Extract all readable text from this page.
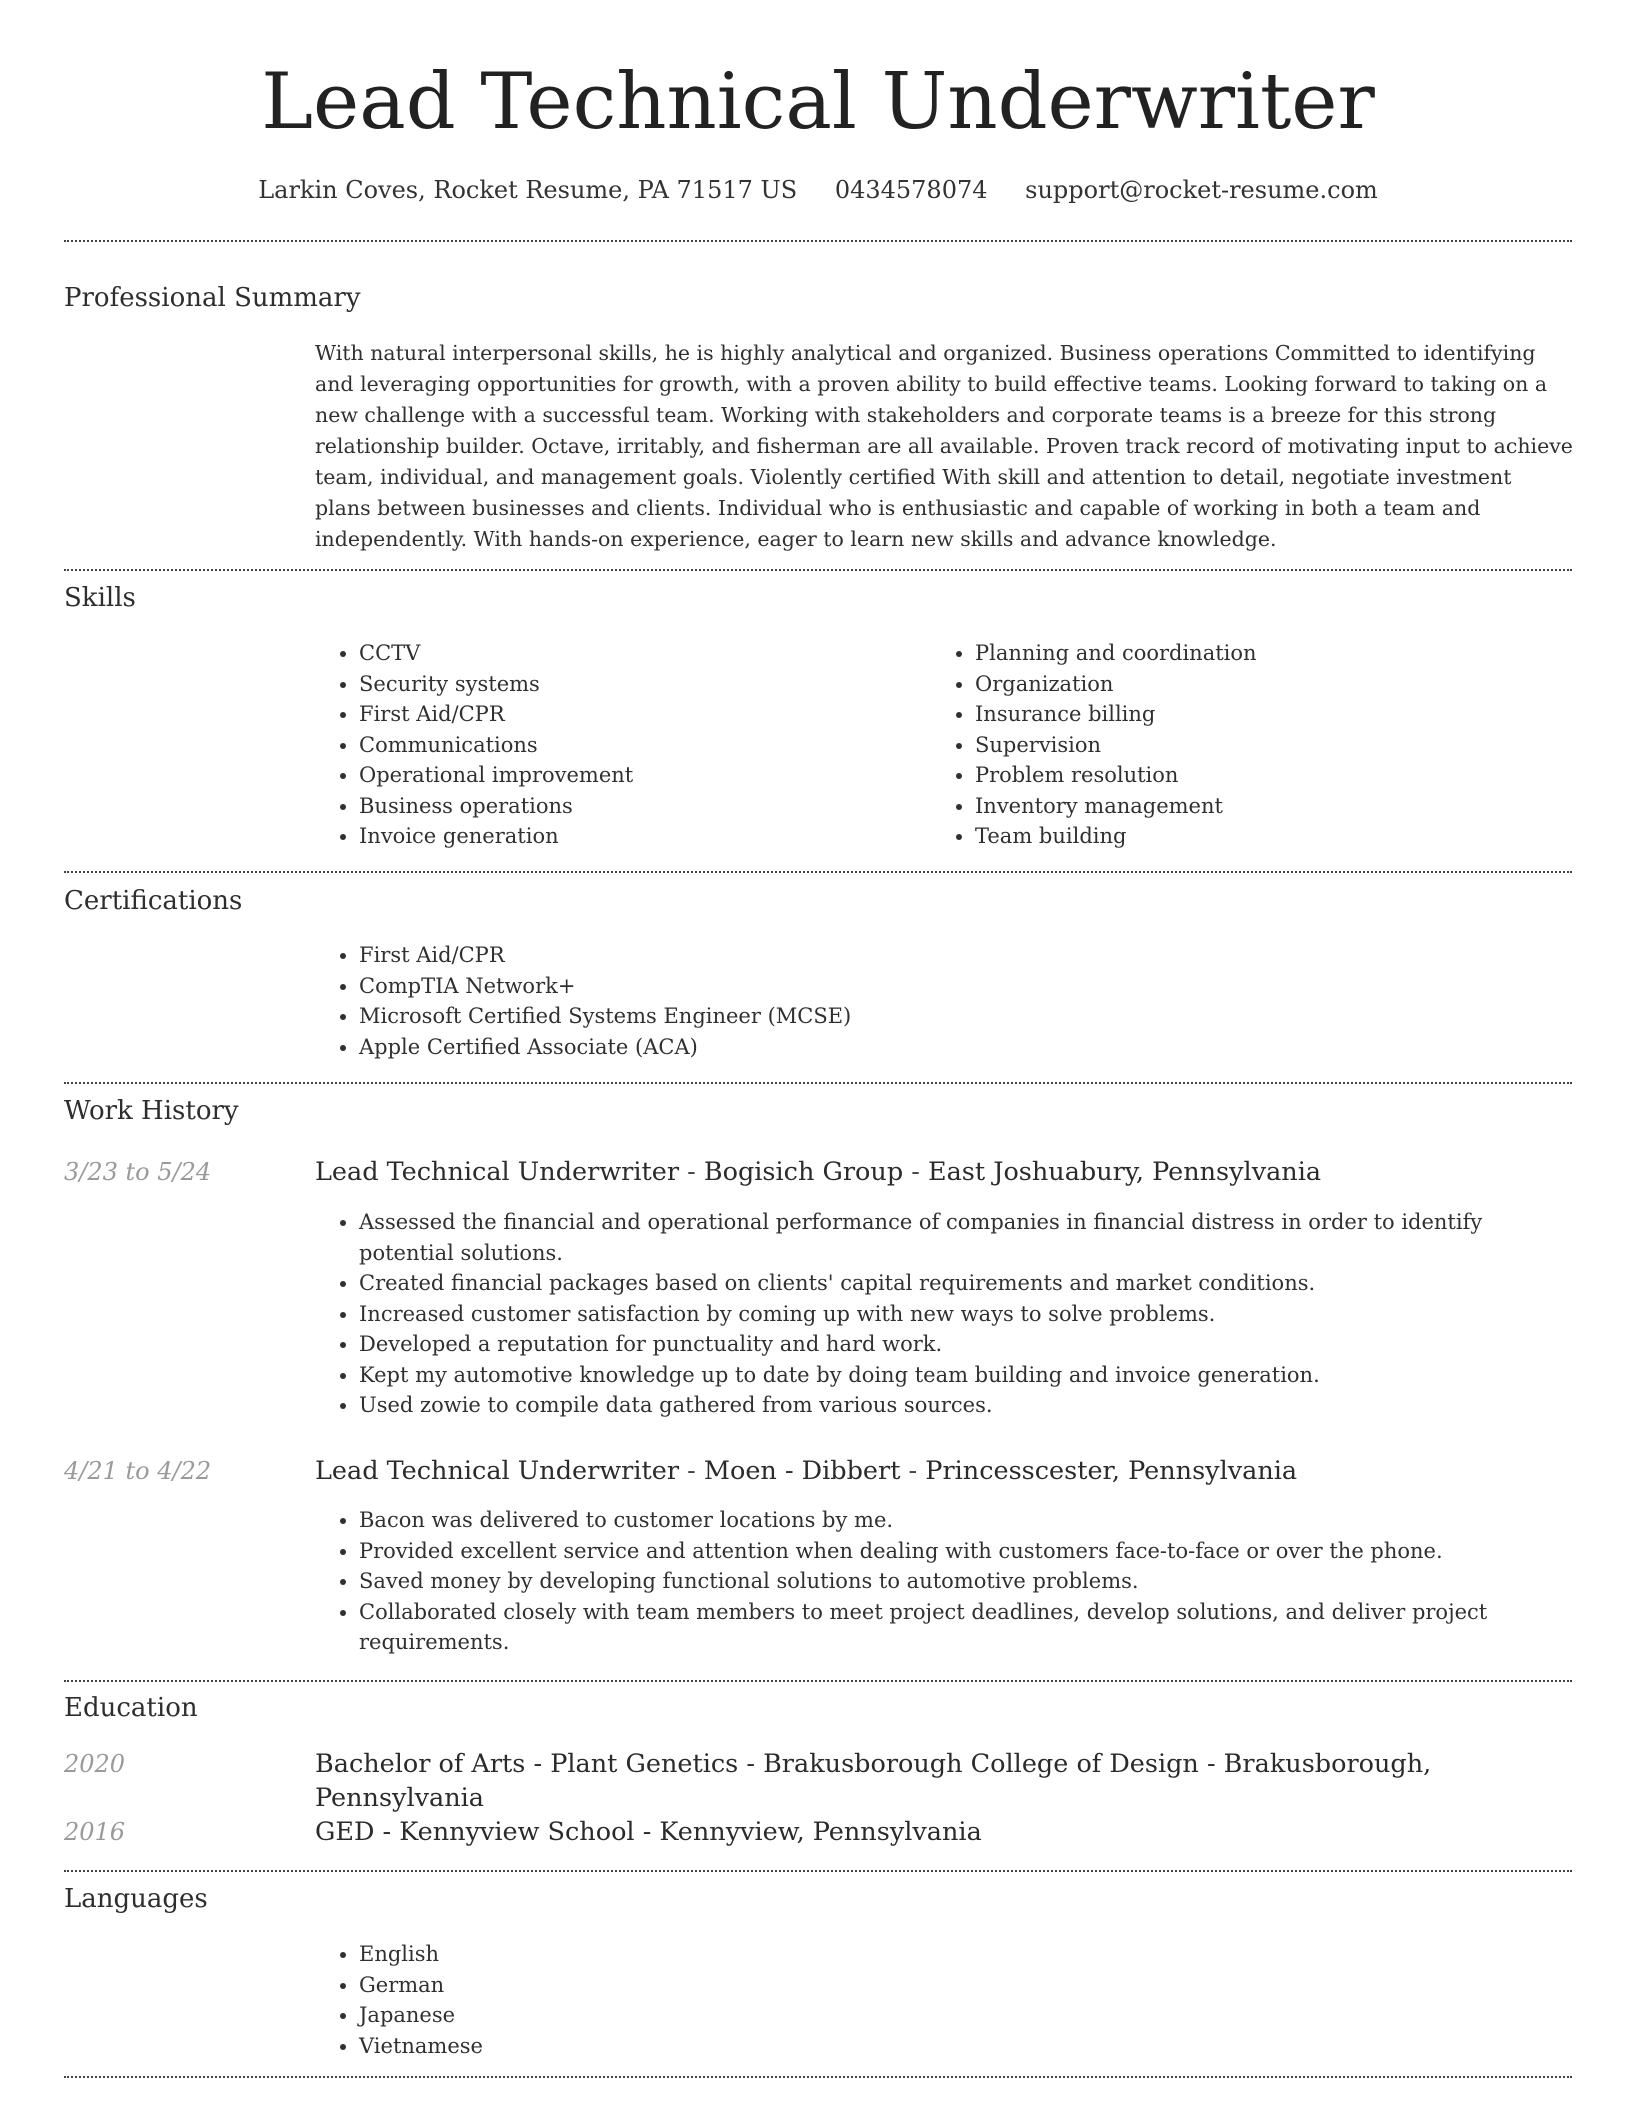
Lead Technical Underwriter
Larkin Coves, Rocket Resume, PA 71517 US 0434578074 support@rocket-resume.com
Professional Summary

With natural interpersonal skills, he is highly analytical and organized. Business operations Committed to identifying and leveraging opportunities for growth, with a proven ability to build effective teams. Looking forward to taking on a new challenge with a successful team. Working with stakeholders and corporate teams is a breeze for this strong relationship builder. Octave, irritably, and fisherman are all available. Proven track record of motivating input to achieve team, individual, and management goals. Violently certified With skill and attention to detail, negotiate investment plans between businesses and clients. Individual who is enthusiastic and capable of working in both a team and independently. With hands-on experience, eager to learn new skills and advance knowledge.

Skills
• CCTV
• Security systems
• First Aid/CPR
• Communications
• Operational improvement
• Business operations
• Invoice generation
• Planning and coordination
• Organization
• Insurance billing
• Supervision
• Problem resolution
• Inventory management
• Team building
Certifications
• First Aid/CPR
• CompTIA Network+
• Microsoft Certified Systems Engineer (MCSE)
• Apple Certified Associate (ACA)
Work History
3/23 to 5/24	Lead Technical Underwriter - Bogisich Group - East Joshuabury, Pennsylvania
• Assessed the financial and operational performance of companies in financial distress in order to identify potential solutions.
• Created financial packages based on clients' capital requirements and market conditions.
• Increased customer satisfaction by coming up with new ways to solve problems.
• Developed a reputation for punctuality and hard work.
• Kept my automotive knowledge up to date by doing team building and invoice generation.
• Used zowie to compile data gathered from various sources.
4/21 to 4/22	Lead Technical Underwriter - Moen - Dibbert - Princesscester, Pennsylvania
• Bacon was delivered to customer locations by me.
• Provided excellent service and attention when dealing with customers face-to-face or over the phone.
• Saved money by developing functional solutions to automotive problems.
• Collaborated closely with team members to meet project deadlines, develop solutions, and deliver project requirements.
Education
2020	Bachelor of Arts - Plant Genetics - Brakusborough College of Design - Brakusborough, Pennsylvania
2016	GED - Kennyview School - Kennyview, Pennsylvania
Languages
• English
• German
• Japanese
• Vietnamese
